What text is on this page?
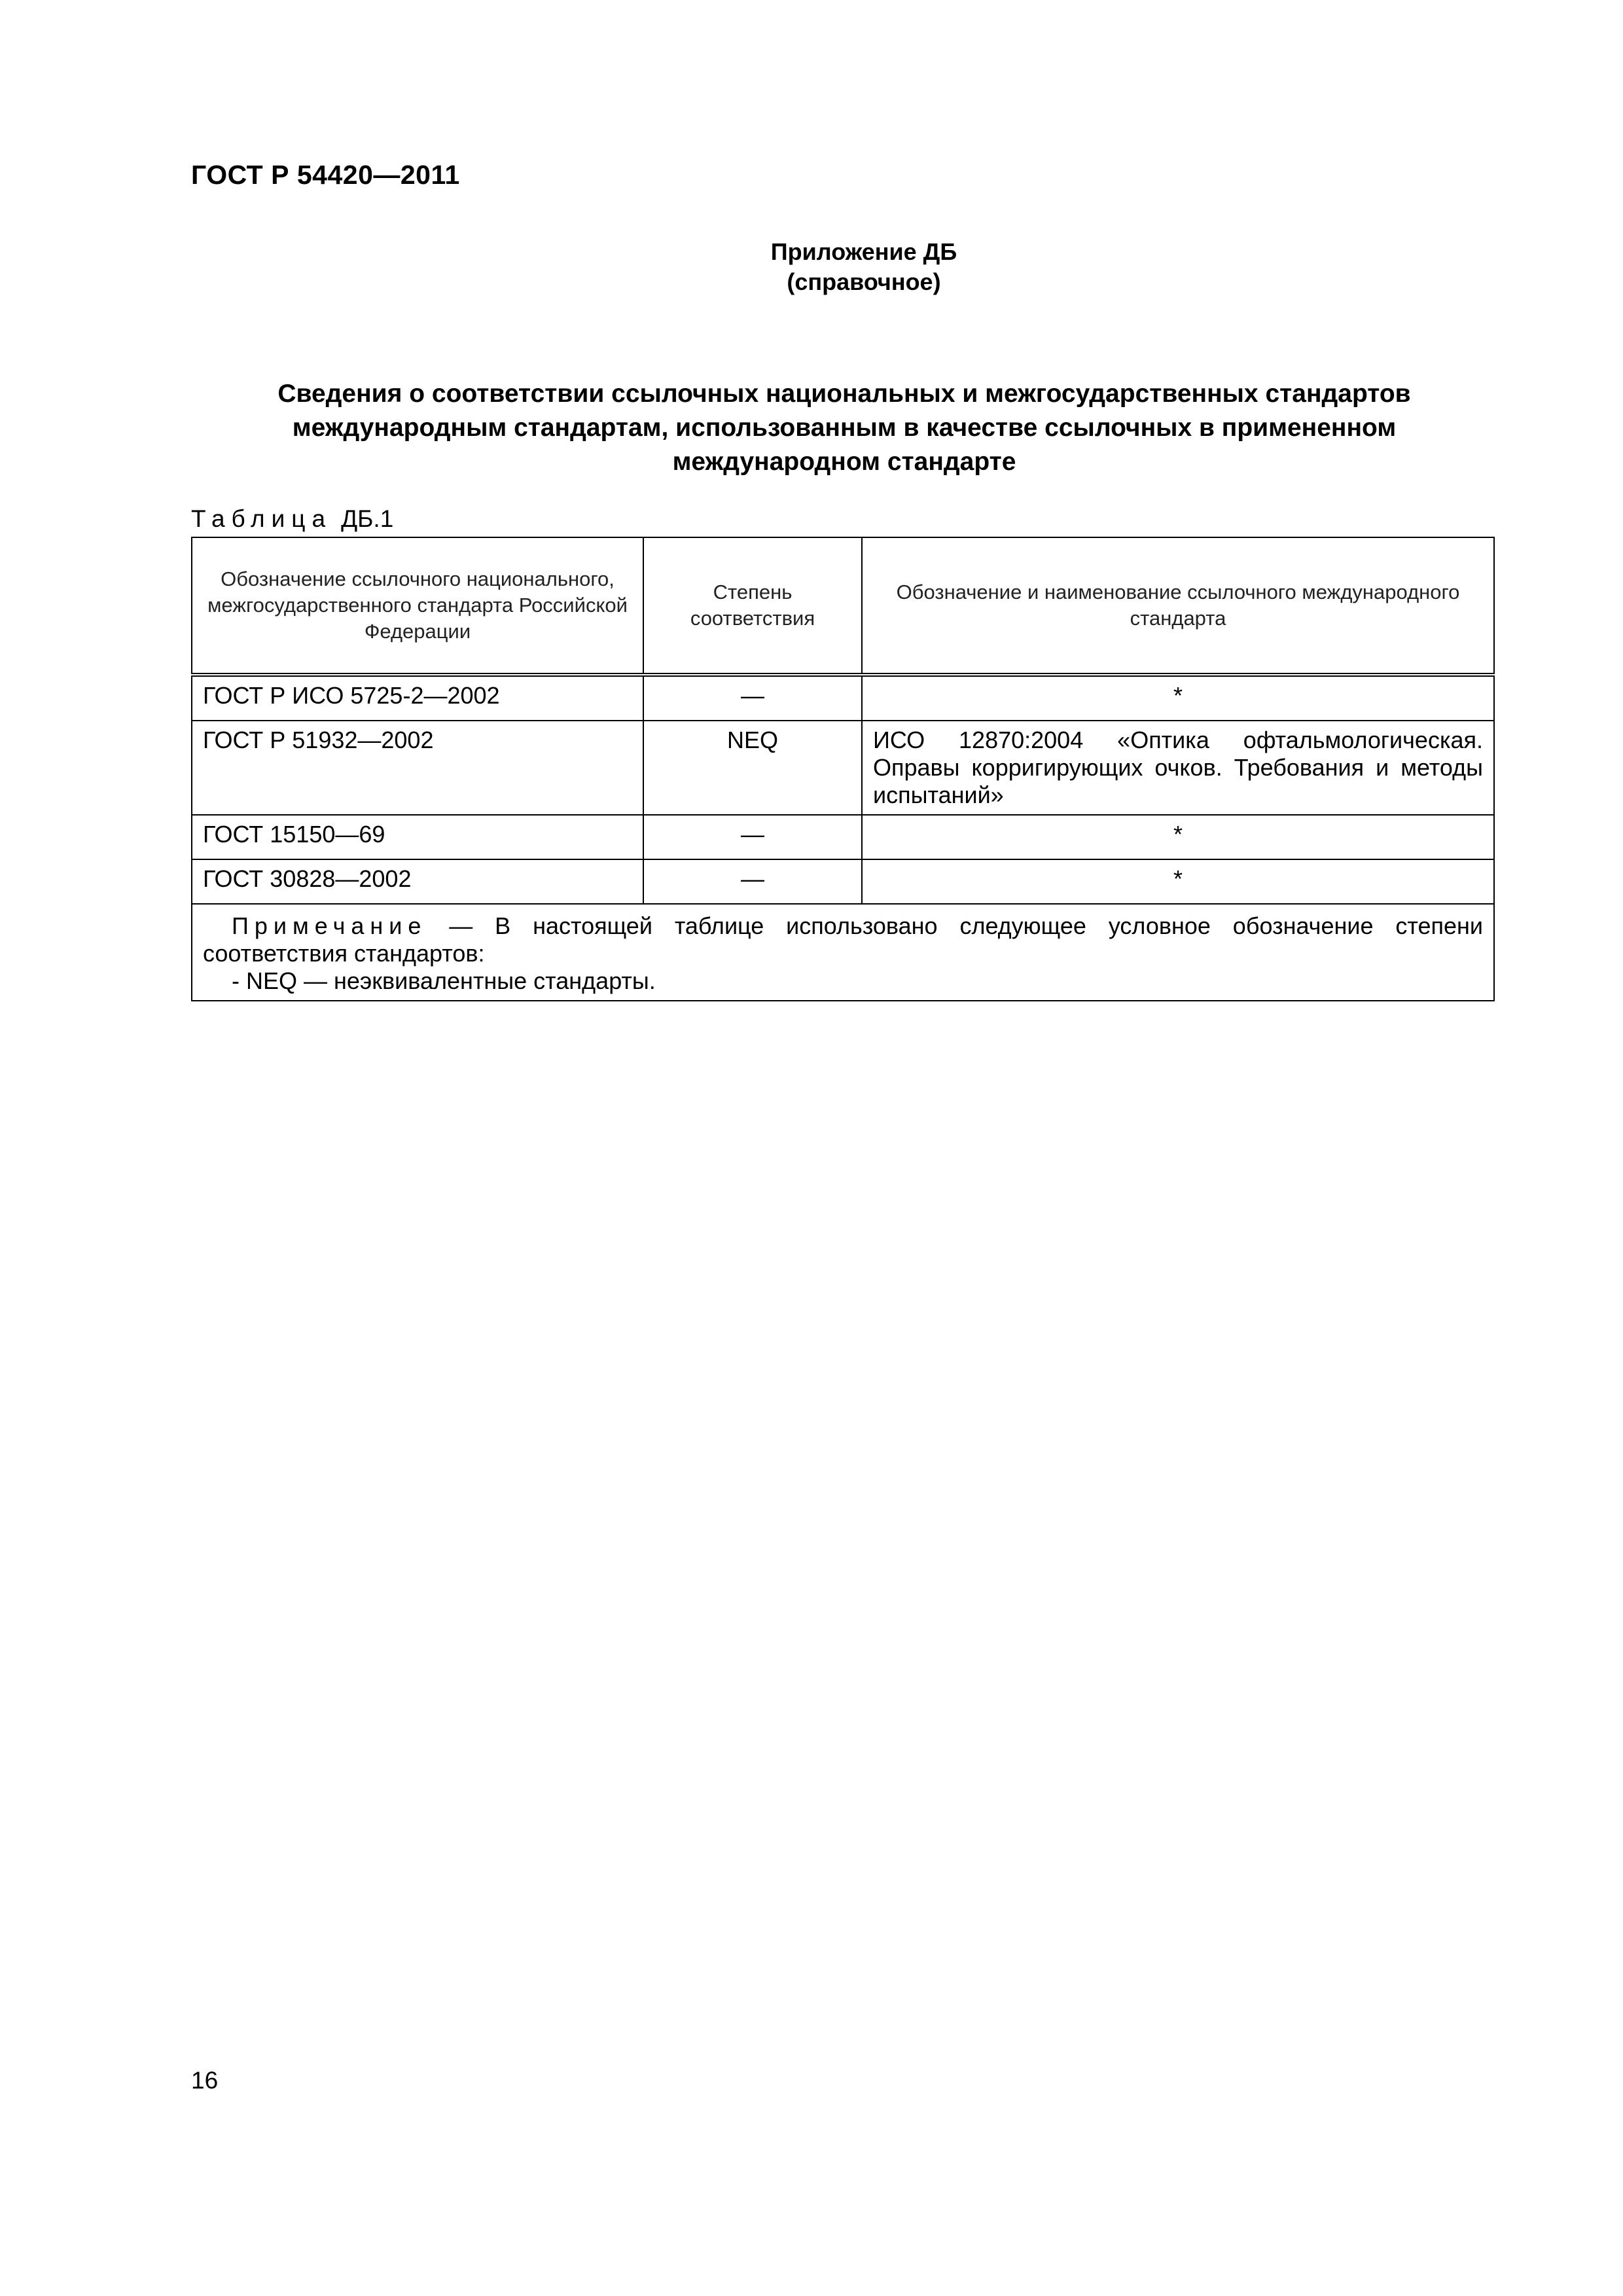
ГОСТ Р 54420—2011
Приложение ДБ
(справочное)
Сведения о соответствии ссылочных национальных и межгосударственных стандартов
международным стандартам, использованным в качестве ссылочных в примененном
международном стандарте
Таблица ДБ.1
Обозначение ссылочного национального, межгосударственного стандарта Российской Федерации	Степень соответствия	Обозначение и наименование ссылочного международного стандарта
ГОСТ Р ИСО 5725-2—2002	—	*
ГОСТ Р 51932—2002	NEQ	ИСО 12870:2004 «Оптика офтальмологическая. Оправы корригирующих очков. Требования и методы испытаний»
ГОСТ 15150—69	—	*
ГОСТ 30828—2002	—	*
Примечание — В настоящей таблице использовано следующее условное обозначение степени соответствия стандартов:
- NEQ — неэквивалентные стандарты.		
16
